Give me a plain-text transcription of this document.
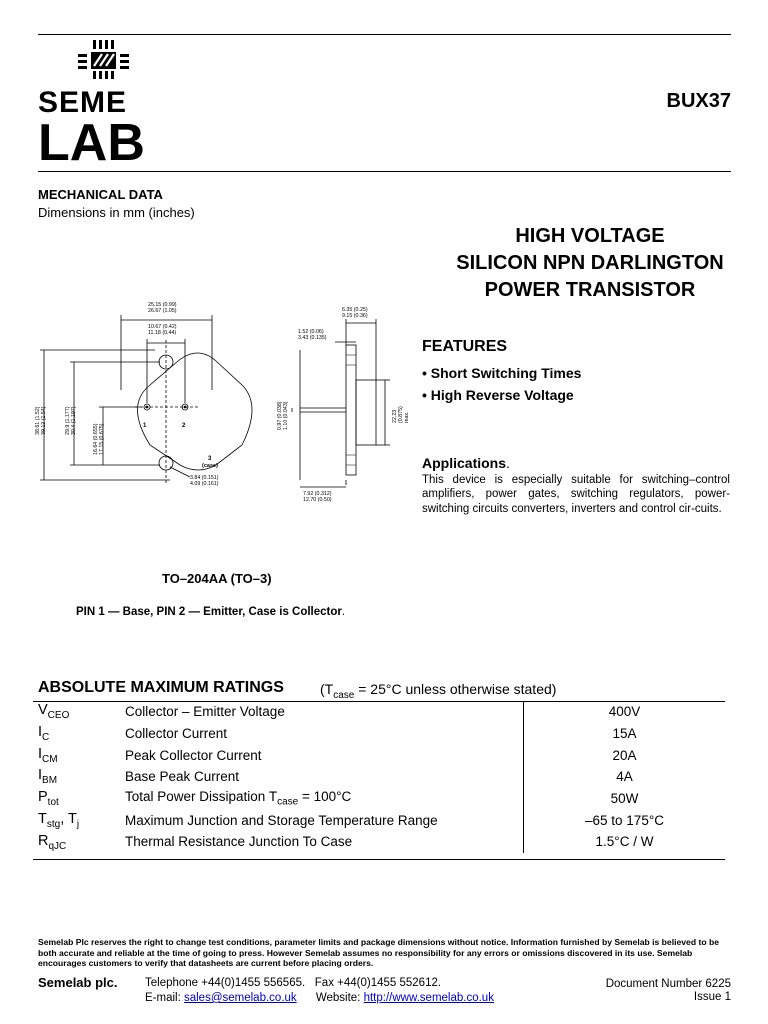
SEME
LAB
BUX37
MECHANICAL DATA
Dimensions in mm (inches)
HIGH VOLTAGE
SILICON NPN DARLINGTON
POWER TRANSISTOR
1	2
3
(case)
25.15 (0.99) 26.67 (1.05)
10.67 (0.42) 11.18 (0.44)
3.84 (0.151) 4.09 (0.161)
6.35 (0.25) 9.15 (0.36)
1.52 (0.06) 3.43 (0.135)
7.92 (0.312) 12.70 (0.50)
38.61 (1.52)39.12 (1.54)	29.9 (1.177)30.4 (1.197)
16.64 (0.655)17.15 (0.675)
0.97 (0.038)1.10 (0.043)	22.23(0.875)max.
FEATURES
• Short Switching Times
• High Reverse Voltage
Applications.
This device is especially suitable for switching–control amplifiers, power gates, switching regulators, power-switching circuits converters, inverters and control cir-cuits.
TO–204AA (TO–3)
PIN 1 — Base, PIN 2 — Emitter, Case is Collector.
ABSOLUTE MAXIMUM RATINGS	($T_{case} = 25^\circ C$ unless otherwise stated)
$V_{CEO}$	Collector – Emitter Voltage	400V
$I_C$	Collector Current	15A
$I_{CM}$	Peak Collector Current	20A
$I_{BM}$	Base Peak Current	4A
$P_{tot}$	Total Power Dissipation $T_{case} = 100^\circ C$	50W
$T_{stg}$, $T_j$	Maximum Junction and Storage Temperature Range	–65 to 175°C
$R_{qJC}$	Thermal Resistance Junction To Case	1.5°C / W
Semelab Plc reserves the right to change test conditions, parameter limits and package dimensions without notice. Information furnished by Semelab is believed to be both accurate and reliable at the time of going to press. However Semelab assumes no responsibility for any errors or omissions discovered in its use. Semelab encourages customers to verify that datasheets are current before placing orders.
Semelab plc. Telephone +44(0)1455 556565. Fax +44(0)1455 552612.
E-mail: sales@semelab.co.uk Website: http://www.semelab.co.uk
Document Number 6225
Issue 1
